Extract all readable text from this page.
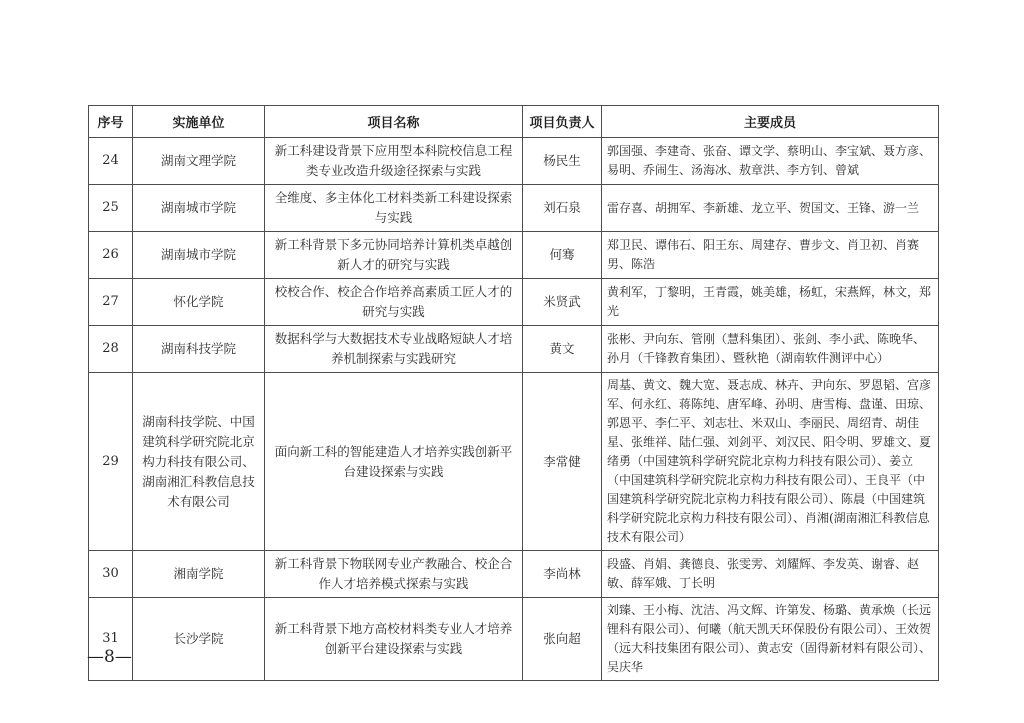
序号	实施单位	项目名称	项目负责人	主要成员
24	湖南文理学院	新工科建设背景下应用型本科院校信息工程类专业改造升级途径探索与实践	杨民生	郭国强、李建奇、张奋、谭文学、蔡明山、李宝斌、聂方彦、易明、乔闹生、汤海冰、敖章洪、李方钊、曾斌
25	湖南城市学院	全维度、多主体化工材料类新工科建设探索与实践	刘石泉	雷存喜、胡拥军、李新雄、龙立平、贺国文、王锋、游一兰
26	湖南城市学院	新工科背景下多元协同培养计算机类卓越创新人才的研究与实践	何骞	郑卫民、谭伟石、阳王东、周建存、曹步文、肖卫初、肖赛男、陈浩
27	怀化学院	校校合作、校企合作培养高素质工匠人才的研究与实践	米贤武	黄利军，丁黎明，王青霞，姚美雄，杨虹，宋燕辉，林文，郑光
28	湖南科技学院	数据科学与大数据技术专业战略短缺人才培养机制探索与实践研究	黄文	张彬、尹向东、管刚（慧科集团）、张剑、李小武、陈晚华、孙月（千锋教育集团）、暨秋艳（湖南软件测评中心）
29	湖南科技学院、中国建筑科学研究院北京构力科技有限公司、湖南湘汇科教信息技术有限公司	面向新工科的智能建造人才培养实践创新平台建设探索与实践	李常健	周基、黄文、魏大宽、聂志成、林卉、尹向东、罗恩韬、宫彦军、何永红、蒋陈纯、唐军峰、孙明、唐雪梅、盘谨、田琼、郭恩平、李仁平、刘志壮、米双山、李丽民、周绍青、胡佳星、张维祥、陆仁强、刘剑平、刘汉民、阳令明、罗雄文、夏绪勇（中国建筑科学研究院北京构力科技有限公司）、姜立（中国建筑科学研究院北京构力科技有限公司）、王良平（中国建筑科学研究院北京构力科技有限公司）、陈晨（中国建筑科学研究院北京构力科技有限公司）、肖湘(湖南湘汇科教信息技术有限公司）
30	湘南学院	新工科背景下物联网专业产教融合、校企合作人才培养模式探索与实践	李尚林	段盛、肖娟、龚德良、张雯雱、刘耀辉、李发英、谢睿、赵敏、薛军娥、丁长明
31	长沙学院	新工科背景下地方高校材料类专业人才培养创新平台建设探索与实践	张向超	刘臻、王小梅、沈洁、冯文辉、许第发、杨璐、黄承焕（长远锂科有限公司）、何曦（航天凯天环保股份有限公司）、王效贺（远大科技集团有限公司）、黄志安（固得新材料有限公司）、吴庆华
—8—
